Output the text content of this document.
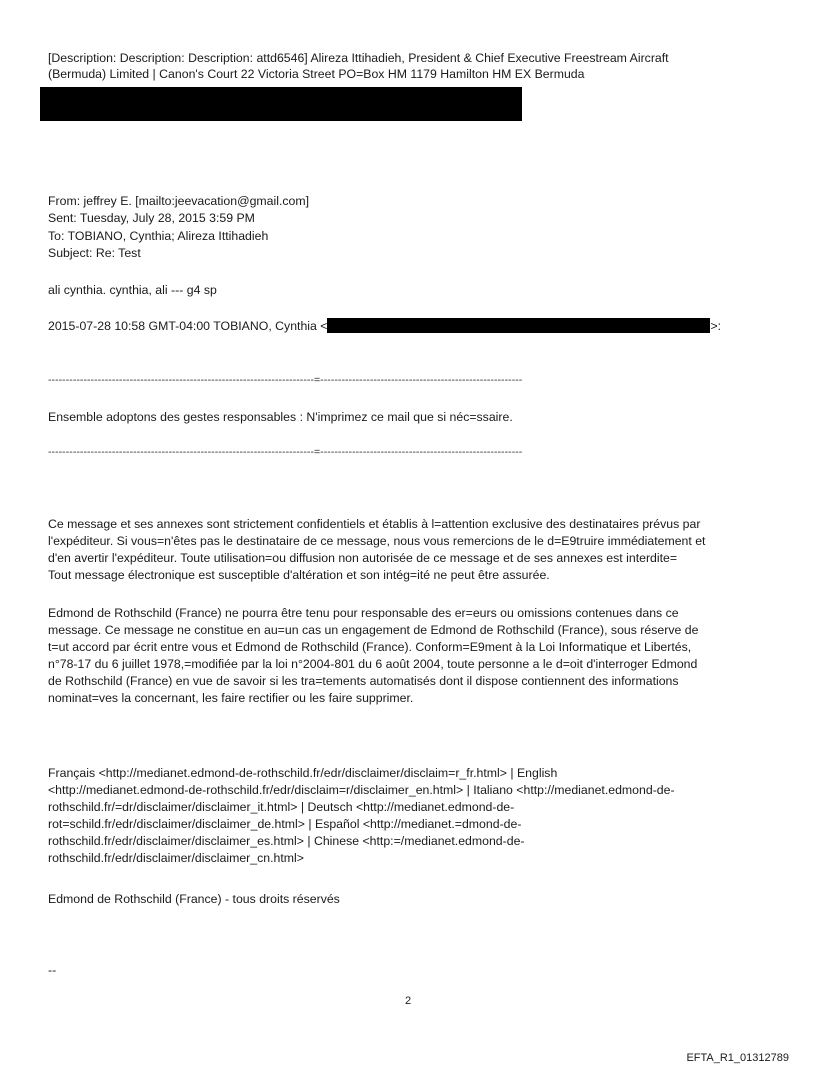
[Description: Description: Description: attd6546] Alireza Ittihadieh, President & Chief Executive Freestream Aircraft
(Bermuda) Limited | Canon's Court 22 Victoria Street PO=Box HM 1179 Hamilton HM EX Bermuda
From: jeffrey E. [mailto:jeevacation@gmail.com]
Sent: Tuesday, July 28, 2015 3:59 PM
To: TOBIANO, Cynthia; Alireza Ittihadieh
Subject: Re: Test
ali cynthia. cynthia, ali --- g4 sp
2015-07-28 10:58 GMT-04:00 TOBIANO, Cynthia <	>:
---------------------------------------------------------------------------=---------------------------------------------------------
Ensemble adoptons des gestes responsables : N'imprimez ce mail que si néc=ssaire.
---------------------------------------------------------------------------=---------------------------------------------------------

Ce message et ses annexes sont strictement confidentiels et établis à l=attention exclusive des destinataires prévus par

l'expéditeur. Si vous=n'êtes pas le destinataire de ce message, nous vous remercions de le d=E9truire immédiatement et

d'en avertir l'expéditeur. Toute utilisation=ou diffusion non autorisée de ce message et de ses annexes est interdite=

Tout message électronique est susceptible d'altération et son intég=ité ne peut être assurée.

Edmond de Rothschild (France) ne pourra être tenu pour responsable des er=eurs ou omissions contenues dans ce

message. Ce message ne constitue en au=un cas un engagement de Edmond de Rothschild (France), sous réserve de

t=ut accord par écrit entre vous et Edmond de Rothschild (France). Conform=E9ment à la Loi Informatique et Libertés,

n°78-17 du 6 juillet 1978,=modifiée par la loi n°2004-801 du 6 août 2004, toute personne a le d=oit d'interroger Edmond

de Rothschild (France) en vue de savoir si les tra=tements automatisés dont il dispose contiennent des informations

nominat=ves la concernant, les faire rectifier ou les faire supprimer.

Français <http://medianet.edmond-de-rothschild.fr/edr/disclaimer/disclaim=r_fr.html> | English

<http://medianet.edmond-de-rothschild.fr/edr/disclaim=r/disclaimer_en.html> | Italiano <http://medianet.edmond-de-

rothschild.fr/=dr/disclaimer/disclaimer_it.html> | Deutsch <http://medianet.edmond-de-

rot=schild.fr/edr/disclaimer/disclaimer_de.html> | Español <http://medianet.=dmond-de-

rothschild.fr/edr/disclaimer/disclaimer_es.html> | Chinese <http:=/medianet.edmond-de-

rothschild.fr/edr/disclaimer/disclaimer_cn.html>

Edmond de Rothschild (France) - tous droits réservés
--
2
EFTA_R1_01312789
